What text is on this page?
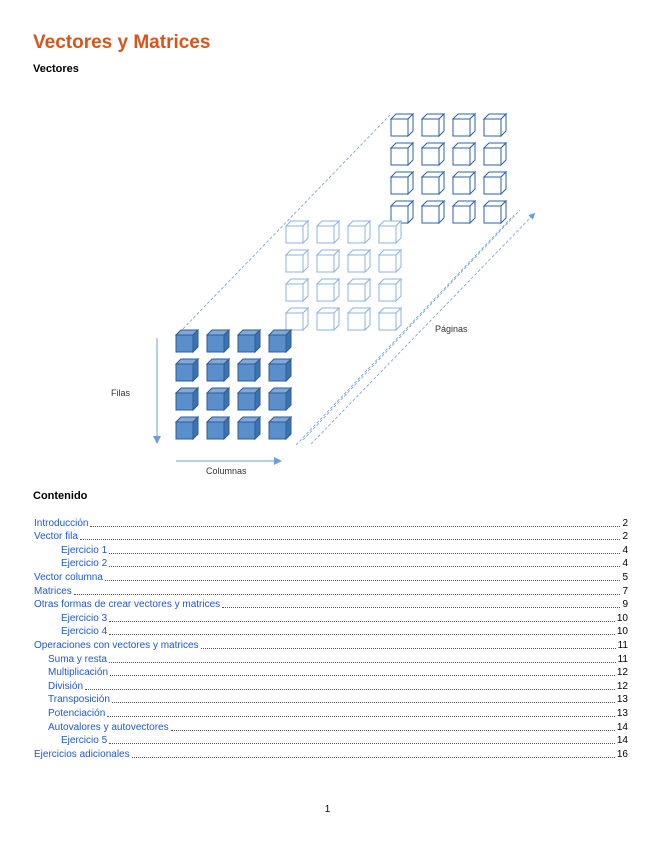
Vectores y Matrices
Vectores
Filas
Columnas
Páginas
Contenido
Introducción	2
Vector fila	2
Ejercicio 1	4
Ejercicio 2	4
Vector columna	5
Matrices	7
Otras formas de crear vectores y matrices	9
Ejercicio 3	10
Ejercicio 4	10
Operaciones con vectores y matrices	11
Suma y resta	11
Multiplicación	12
División	12
Transposición	13
Potenciación	13
Autovalores y autovectores	14
Ejercicio 5	14
Ejercicios adicionales	16
1
